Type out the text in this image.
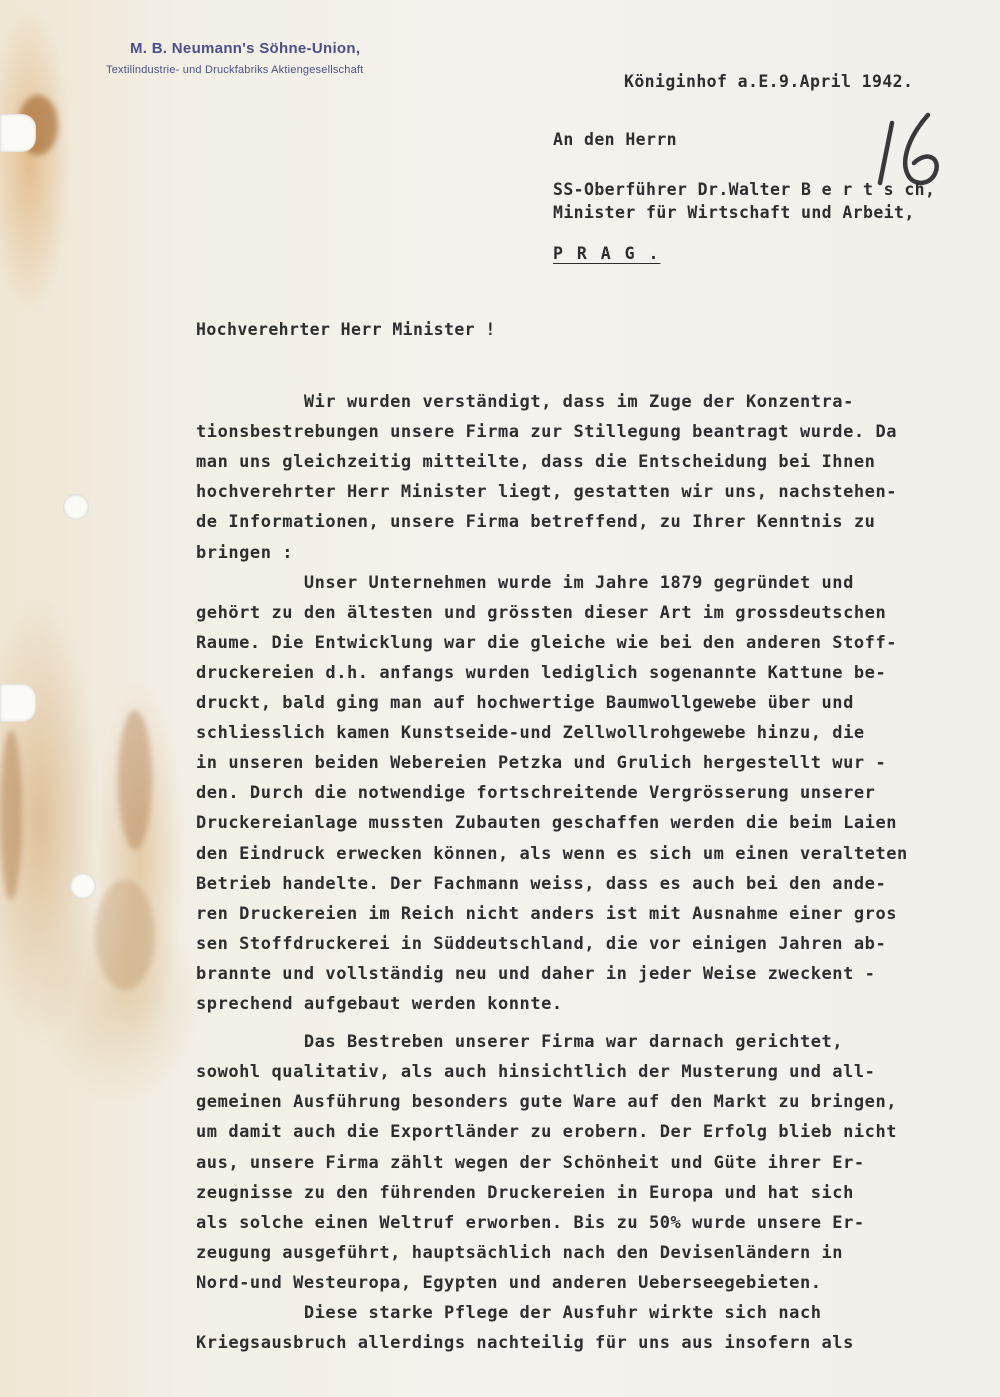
M. B. Neumann's Söhne-Union,
Textilindustrie- und Druckfabriks Aktiengesellschaft
Königinhof a.E.9.April 1942.
An den Herrn
SS-Oberführer Dr.Walter B e r t s ch,
Minister für Wirtschaft und Arbeit,
P R A G .
Hochverehrter Herr Minister !
Wir wurden verständigt, dass im Zuge der Konzentra-
tionsbestrebungen unsere Firma zur Stillegung beantragt wurde. Da
man uns gleichzeitig mitteilte, dass die Entscheidung bei Ihnen
hochverehrter Herr Minister liegt, gestatten wir uns, nachstehen-
de Informationen, unsere Firma betreffend, zu Ihrer Kenntnis zu
bringen :
Unser Unternehmen wurde im Jahre 1879 gegründet und
gehört zu den ältesten und grössten dieser Art im grossdeutschen
Raume. Die Entwicklung war die gleiche wie bei den anderen Stoff-
druckereien d.h. anfangs wurden lediglich sogenannte Kattune be-
druckt, bald ging man auf hochwertige Baumwollgewebe über und
schliesslich kamen Kunstseide-und Zellwollrohgewebe hinzu, die
in unseren beiden Webereien Petzka und Grulich hergestellt wur -
den. Durch die notwendige fortschreitende Vergrösserung unserer
Druckereianlage mussten Zubauten geschaffen werden die beim Laien
den Eindruck erwecken können, als wenn es sich um einen veralteten
Betrieb handelte. Der Fachmann weiss, dass es auch bei den ande-
ren Druckereien im Reich nicht anders ist mit Ausnahme einer gros
sen Stoffdruckerei in Süddeutschland, die vor einigen Jahren ab-
brannte und vollständig neu und daher in jeder Weise zweckent -
sprechend aufgebaut werden konnte.
Das Bestreben unserer Firma war darnach gerichtet,
sowohl qualitativ, als auch hinsichtlich der Musterung und all-
gemeinen Ausführung besonders gute Ware auf den Markt zu bringen,
um damit auch die Exportländer zu erobern. Der Erfolg blieb nicht
aus, unsere Firma zählt wegen der Schönheit und Güte ihrer Er-
zeugnisse zu den führenden Druckereien in Europa und hat sich
als solche einen Weltruf erworben. Bis zu 50% wurde unsere Er-
zeugung ausgeführt, hauptsächlich nach den Devisenländern in
Nord-und Westeuropa, Egypten und anderen Ueberseegebieten.
Diese starke Pflege der Ausfuhr wirkte sich nach
Kriegsausbruch allerdings nachteilig für uns aus insofern als
